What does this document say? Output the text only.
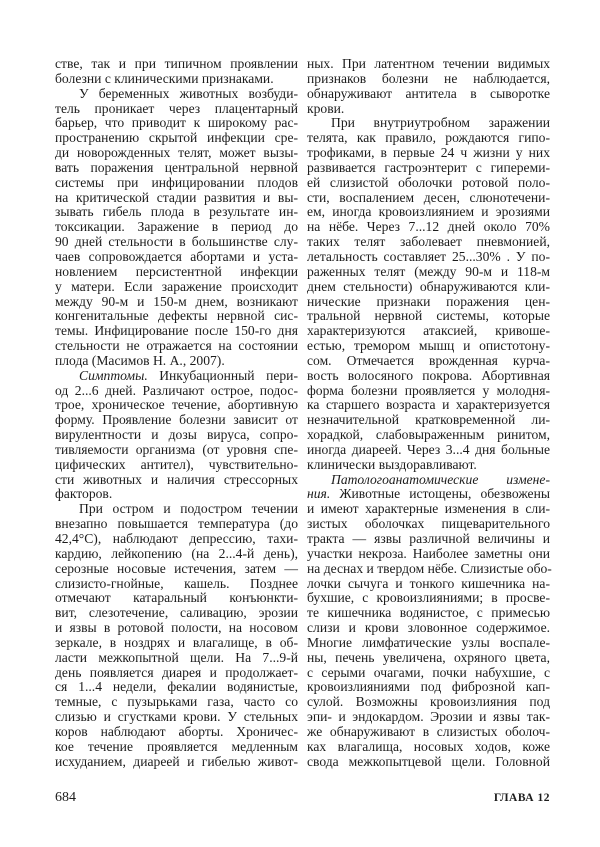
стве, так и при типичном проявлении
болезни с клиническими признаками.
У беременных животных возбуди-
тель проникает через плацентарный
барьер, что приводит к широкому рас-
пространению скрытой инфекции сре-
ди новорожденных телят, может вызы-
вать поражения центральной нервной
системы при инфицировании плодов
на критической стадии развития и вы-
зывать гибель плода в результате ин-
токсикации. Заражение в период до
90 дней стельности в большинстве слу-
чаев сопровождается абортами и уста-
новлением персистентной инфекции
у матери. Если заражение происходит
между 90-м и 150-м днем, возникают
конгенитальные дефекты нервной сис-
темы. Инфицирование после 150-го дня
стельности не отражается на состоянии
плода (Масимов Н. А., 2007).
Симптомы. Инкубационный пери-
од 2...6 дней. Различают острое, подос-
трое, хроническое течение, абортивную
форму. Проявление болезни зависит от
вирулентности и дозы вируса, сопро-
тивляемости организма (от уровня спе-
цифических антител), чувствительно-
сти животных и наличия стрессорных
факторов.
При остром и подостром течении
внезапно повышается температура (до
42,4°С), наблюдают депрессию, тахи-
кардию, лейкопению (на 2...4-й день),
серозные носовые истечения, затем —
слизисто-гнойные, кашель. Позднее
отмечают катаральный конъюнкти-
вит, слезотечение, саливацию, эрозии
и язвы в ротовой полости, на носовом
зеркале, в ноздрях и влагалище, в об-
ласти межкопытной щели. На 7...9-й
день появляется диарея и продолжает-
ся 1...4 недели, фекалии водянистые,
темные, с пузырьками газа, часто со
слизью и сгустками крови. У стельных
коров наблюдают аборты. Хроничес-
кое течение проявляется медленным
исхуданием, диареей и гибелью живот-
ных. При латентном течении видимых
признаков болезни не наблюдается,
обнаруживают антитела в сыворотке
крови.
При внутриутробном заражении
телята, как правило, рождаются гипо-
трофиками, в первые 24 ч жизни у них
развивается гастроэнтерит с гипереми-
ей слизистой оболочки ротовой поло-
сти, воспалением десен, слюнотечени-
ем, иногда кровоизлиянием и эрозиями
на нёбе. Через 7...12 дней около 70%
таких телят заболевает пневмонией,
летальность составляет 25...30% . У по-
раженных телят (между 90-м и 118-м
днем стельности) обнаруживаются кли-
нические признаки поражения цен-
тральной нервной системы, которые
характеризуются атаксией, кривоше-
естью, тремором мышц и опистотону-
сом. Отмечается врожденная курча-
вость волосяного покрова. Абортивная
форма болезни проявляется у молодня-
ка старшего возраста и характеризуется
незначительной кратковременной ли-
хорадкой, слабовыраженным ринитом,
иногда диареей. Через 3...4 дня больные
клинически выздоравливают.
Патологоанатомические измене-
ния. Животные истощены, обезвожены
и имеют характерные изменения в сли-
зистых оболочках пищеварительного
тракта — язвы различной величины и
участки некроза. Наиболее заметны они
на деснах и твердом нёбе. Слизистые обо-
лочки сычуга и тонкого кишечника на-
бухшие, с кровоизлияниями; в просве-
те кишечника водянистое, с примесью
слизи и крови зловонное содержимое.
Многие лимфатические узлы воспале-
ны, печень увеличена, охряного цвета,
с серыми очагами, почки набухшие, с
кровоизлияниями под фиброзной кап-
сулой. Возможны кровоизлияния под
эпи- и эндокардом. Эрозии и язвы так-
же обнаруживают в слизистых оболоч-
ках влагалища, носовых ходов, коже
свода межкопытцевой щели. Головной
684	ГЛАВА 12
